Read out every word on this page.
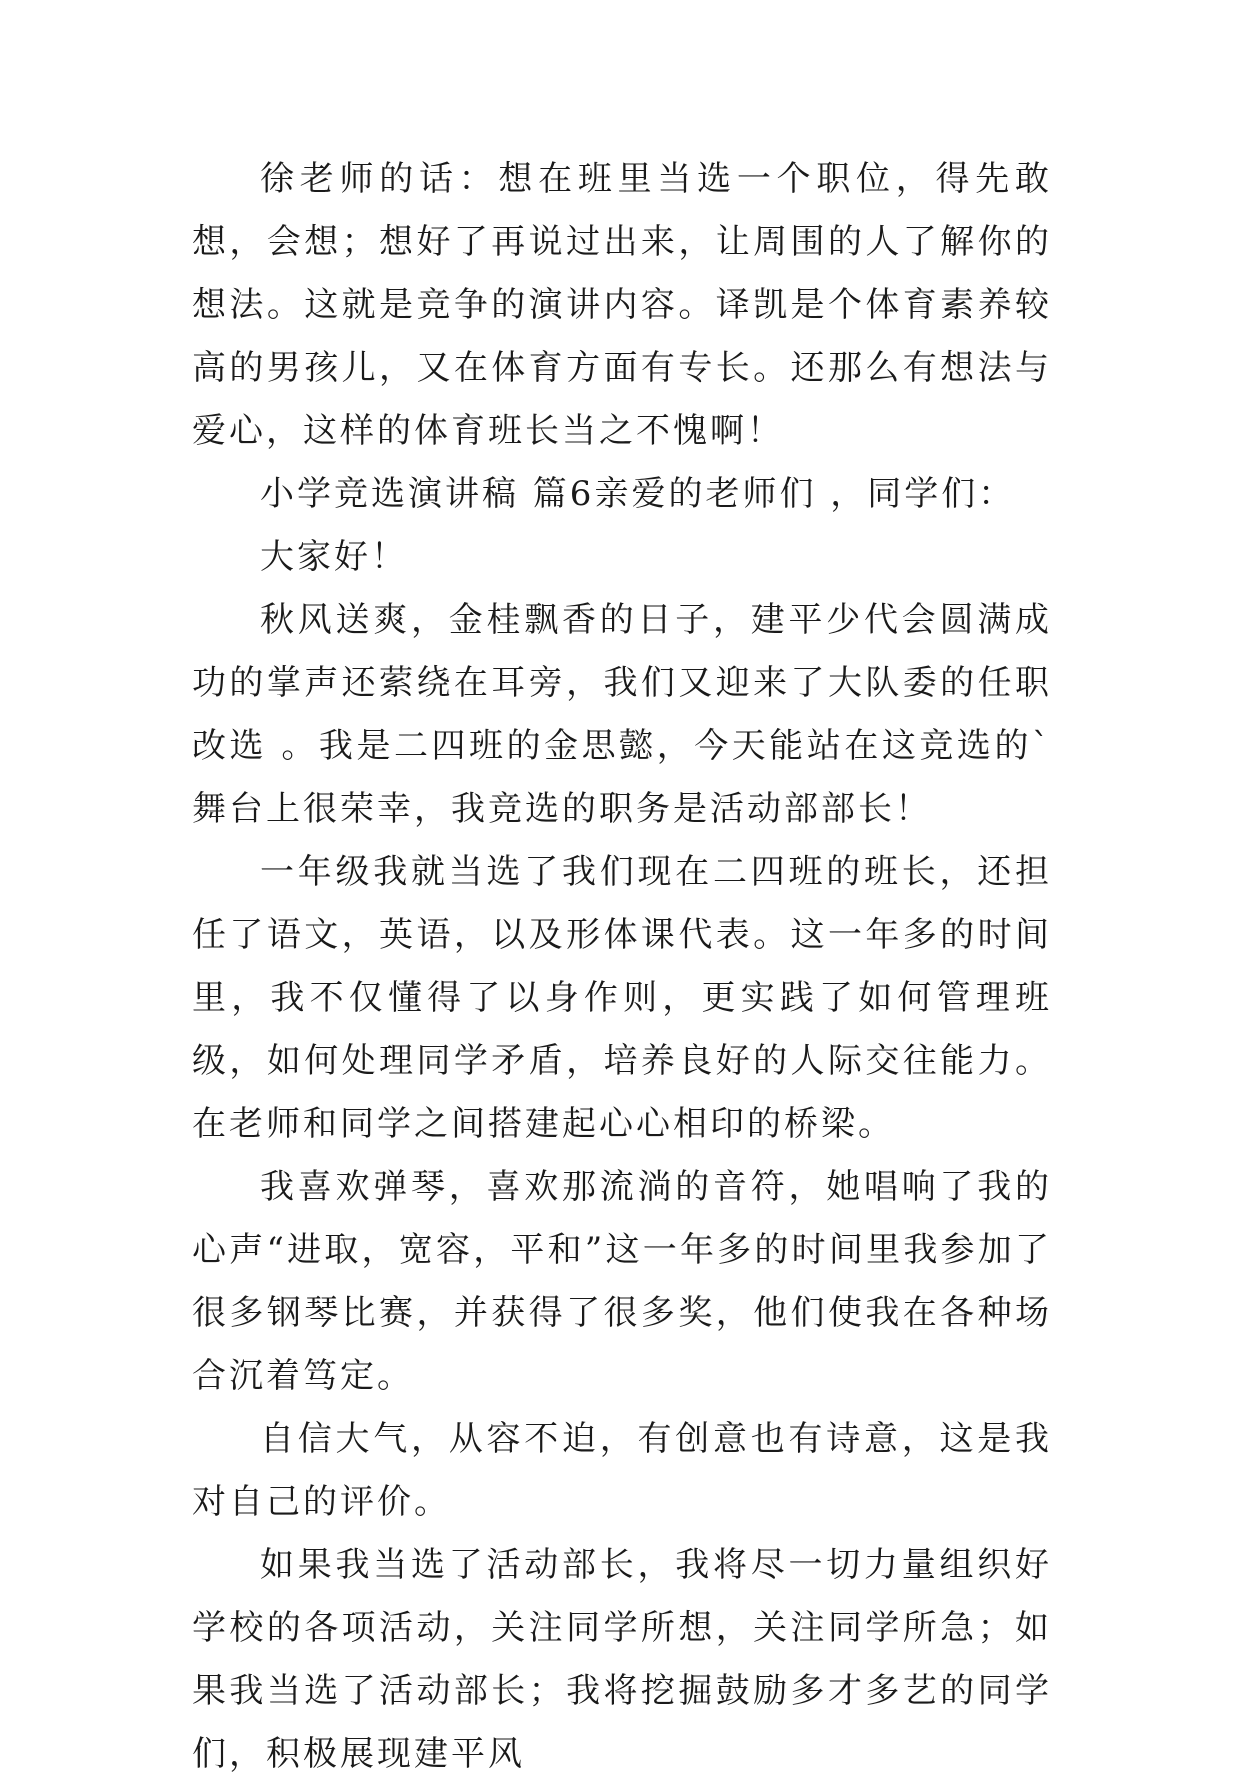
徐老师的话：想在班里当选一个职位，得先敢想，会想；想好了再说过出来，让周围的人了解你的想法。这就是竞争的演讲内容。译凯是个体育素养较高的男孩儿，又在体育方面有专长。还那么有想法与爱心，这样的体育班长当之不愧啊！

小学竞选演讲稿 篇6亲爱的老师们 ，同学们：

大家好！

秋风送爽，金桂飘香的日子，建平少代会圆满成功的掌声还萦绕在耳旁，我们又迎来了大队委的任职改选 。我是二四班的金思懿，今天能站在这竞选的`舞台上很荣幸，我竞选的职务是活动部部长！

一年级我就当选了我们现在二四班的班长，还担任了语文，英语，以及形体课代表。这一年多的时间里，我不仅懂得了以身作则，更实践了如何管理班级，如何处理同学矛盾，培养良好的人际交往能力。在老师和同学之间搭建起心心相印的桥梁。

我喜欢弹琴，喜欢那流淌的音符，她唱响了我的心声“进取，宽容，平和”这一年多的时间里我参加了很多钢琴比赛，并获得了很多奖，他们使我在各种场合沉着笃定。

自信大气，从容不迫，有创意也有诗意，这是我对自己的评价。

如果我当选了活动部长，我将尽一切力量组织好学校的各项活动，关注同学所想，关注同学所急；如果我当选了活动部长；我将挖掘鼓励多才多艺的同学们，积极展现建平风
